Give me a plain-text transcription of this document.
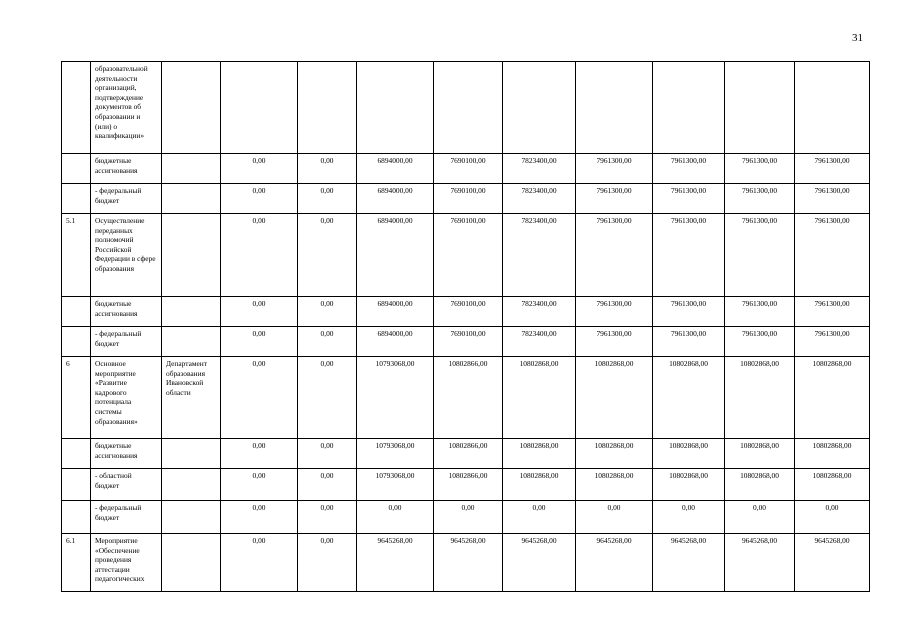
31
	образовательной деятельности организаций, подтверждение документов об образовании и (или) о квалификации»										
	бюджетные ассигнования		0,00	0,00	6894000,00	7690100,00	7823400,00	7961300,00	7961300,00	7961300,00	7961300,00
	- федеральный бюджет		0,00	0,00	6894000,00	7690100,00	7823400,00	7961300,00	7961300,00	7961300,00	7961300,00
5.1	Осуществление переданных полномочий Российской Федерации в сфере образования		0,00	0,00	6894000,00	7690100,00	7823400,00	7961300,00	7961300,00	7961300,00	7961300,00
	бюджетные ассигнования		0,00	0,00	6894000,00	7690100,00	7823400,00	7961300,00	7961300,00	7961300,00	7961300,00
	- федеральный бюджет		0,00	0,00	6894000,00	7690100,00	7823400,00	7961300,00	7961300,00	7961300,00	7961300,00
6	Основное мероприятие «Развитие кадрового потенциала системы образования»	Департамент образования Ивановской области	0,00	0,00	10793068,00	10802866,00	10802868,00	10802868,00	10802868,00	10802868,00	10802868,00
	бюджетные ассигнования		0,00	0,00	10793068,00	10802866,00	10802868,00	10802868,00	10802868,00	10802868,00	10802868,00
	- областной бюджет		0,00	0,00	10793068,00	10802866,00	10802868,00	10802868,00	10802868,00	10802868,00	10802868,00
	- федеральный бюджет		0,00	0,00	0,00	0,00	0,00	0,00	0,00	0,00	0,00
6.1	Мероприятие «Обеспечение проведения аттестации педагогических		0,00	0,00	9645268,00	9645268,00	9645268,00	9645268,00	9645268,00	9645268,00	9645268,00
